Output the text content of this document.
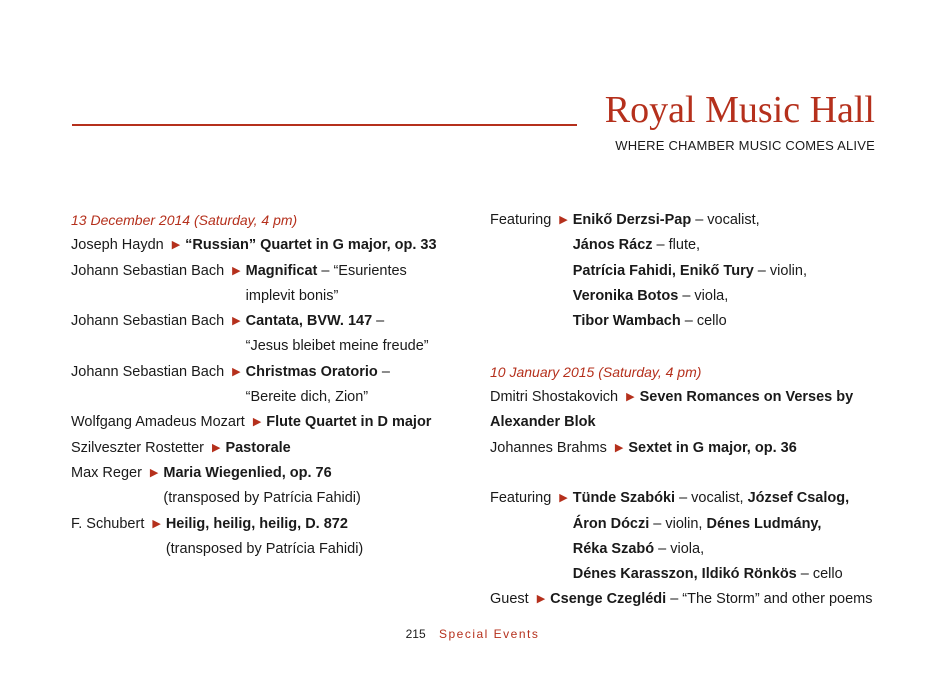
Royal Music Hall
WHERE CHAMBER MUSIC COMES ALIVE
13 December 2014 (Saturday, 4 pm)
Joseph Haydn ▶ “Russian” Quartet in G major, op. 33
Johann Sebastian Bach ▶ Magnificat – “Esurientes
implevit bonis”
Johann Sebastian Bach ▶ Cantata, BVW. 147 –
“Jesus bleibet meine freude”
Johann Sebastian Bach ▶ Christmas Oratorio –
“Bereite dich, Zion”
Wolfgang Amadeus Mozart ▶ Flute Quartet in D major
Szilveszter Rostetter ▶ Pastorale
Max Reger ▶ Maria Wiegenlied, op. 76
(transposed by Patrícia Fahidi)
F. Schubert ▶ Heilig, heilig, heilig, D. 872
(transposed by Patrícia Fahidi)
Featuring ▶ Enikő Derzsi-Pap – vocalist,
János Rácz – flute,
Patrícia Fahidi, Enikő Tury – violin,
Veronika Botos – viola,
Tibor Wambach – cello
10 January 2015 (Saturday, 4 pm)
Dmitri Shostakovich ▶ Seven Romances on Verses by
Alexander Blok
Johannes Brahms ▶ Sextet in G major, op. 36
Featuring ▶ Tünde Szabóki – vocalist, József Csalog,
Áron Dóczi – violin, Dénes Ludmány,
Réka Szabó – viola,
Dénes Karasszon, Ildikó Rönkös – cello
Guest ▶ Csenge Czeglédi – “The Storm” and other poems
215 Special Events
